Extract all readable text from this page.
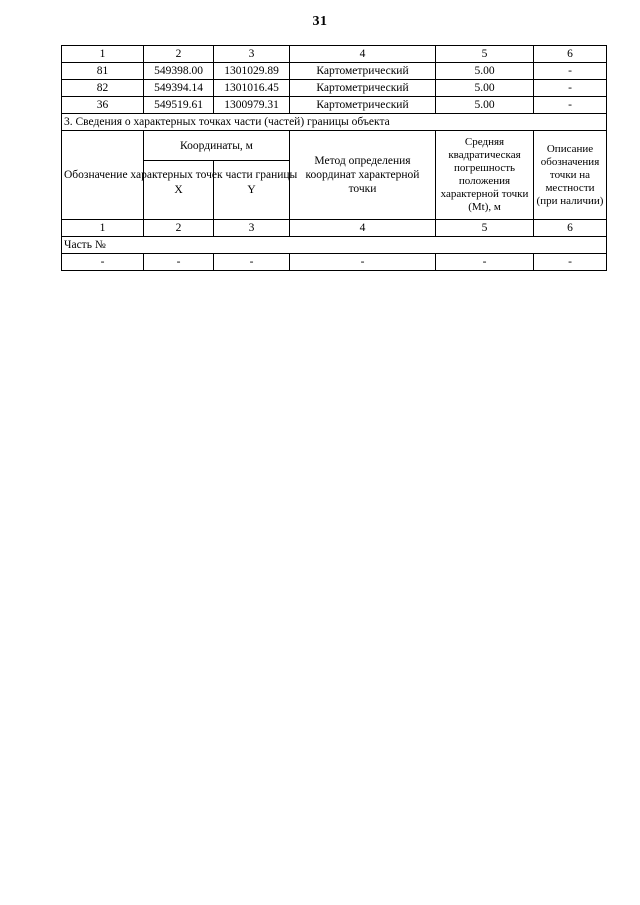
31
1	2	3	4	5	6
81	549398.00	1301029.89	Картометрический	5.00	-
82	549394.14	1301016.45	Картометрический	5.00	-
36	549519.61	1300979.31	Картометрический	5.00	-
3. Сведения о характерных точках части (частей) границы объекта					
Обозначение характерных точек части границы	Координаты, м		Метод определения координат характерной точки	Средняя квадратическая погрешность положения характерной точки (Mt), м	Описание обозначения точки на местности (при наличии)
	X	Y			
1	2	3	4	5	6
Часть №					
-	-	-	-	-	-
